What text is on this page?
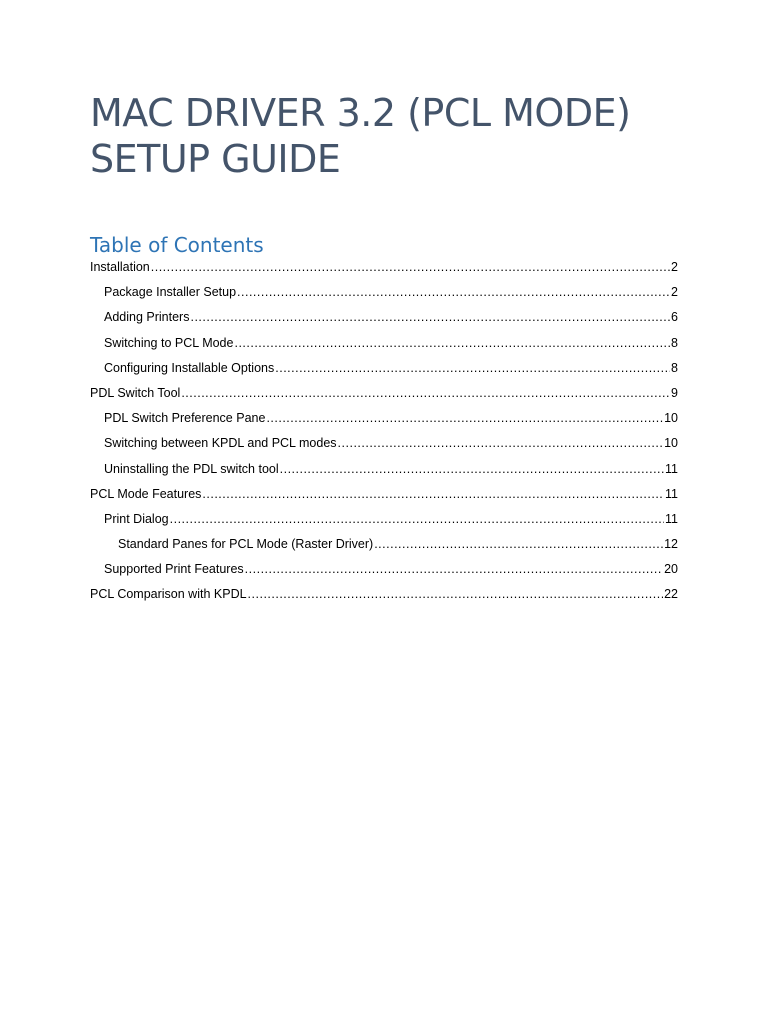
MAC DRIVER 3.2 (PCL MODE)
SETUP GUIDE
Table of Contents
Installation .....	2
Package Installer Setup .....	2
Adding Printers .....	6
Switching to PCL Mode .....	8
Configuring Installable Options .....	8
PDL Switch Tool .....	9
PDL Switch Preference Pane .....	10
Switching between KPDL and PCL modes .....	10
Uninstalling the PDL switch tool .....	11
PCL Mode Features .....	11
Print Dialog .....	11
Standard Panes for PCL Mode (Raster Driver) .....	12
Supported Print Features .....	20
PCL Comparison with KPDL .....	22
